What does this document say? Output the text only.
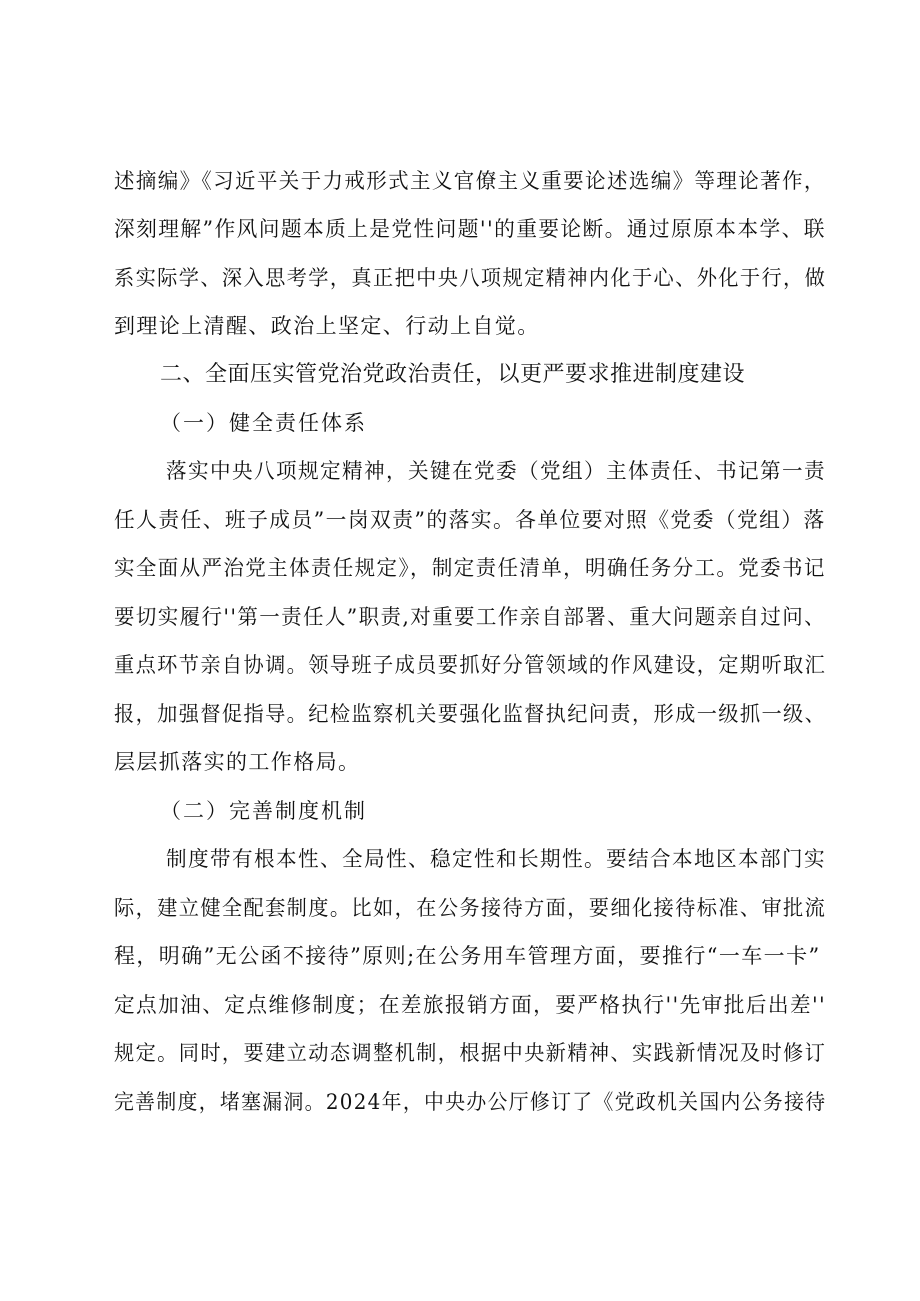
述摘编》《习近平关于力戒形式主义官僚主义重要论述选编》等理论著作，
深刻理解”作风问题本质上是党性问题''的重要论断。通过原原本本学、联
系实际学、深入思考学，真正把中央八项规定精神内化于心、外化于行，做
到理论上清醒、政治上坚定、行动上自觉。
二、全面压实管党治党政治责任，以更严要求推进制度建设
（一）健全责任体系
落实中央八项规定精神，关键在党委（党组）主体责任、书记第一责
任人责任、班子成员”一岗双责”的落实。各单位要对照《党委（党组）落
实全面从严治党主体责任规定》，制定责任清单，明确任务分工。党委书记
要切实履行''第一责任人”职责,对重要工作亲自部署、重大问题亲自过问、
重点环节亲自协调。领导班子成员要抓好分管领域的作风建设，定期听取汇
报，加强督促指导。纪检监察机关要强化监督执纪问责，形成一级抓一级、
层层抓落实的工作格局。
（二）完善制度机制
制度带有根本性、全局性、稳定性和长期性。要结合本地区本部门实
际，建立健全配套制度。比如，在公务接待方面，要细化接待标准、审批流
程，明确”无公函不接待”原则;在公务用车管理方面，要推行“一车一卡”
定点加油、定点维修制度；在差旅报销方面，要严格执行''先审批后出差''
规定。同时，要建立动态调整机制，根据中央新精神、实践新情况及时修订
完善制度，堵塞漏洞。2024年，中央办公厅修订了《党政机关国内公务接待
